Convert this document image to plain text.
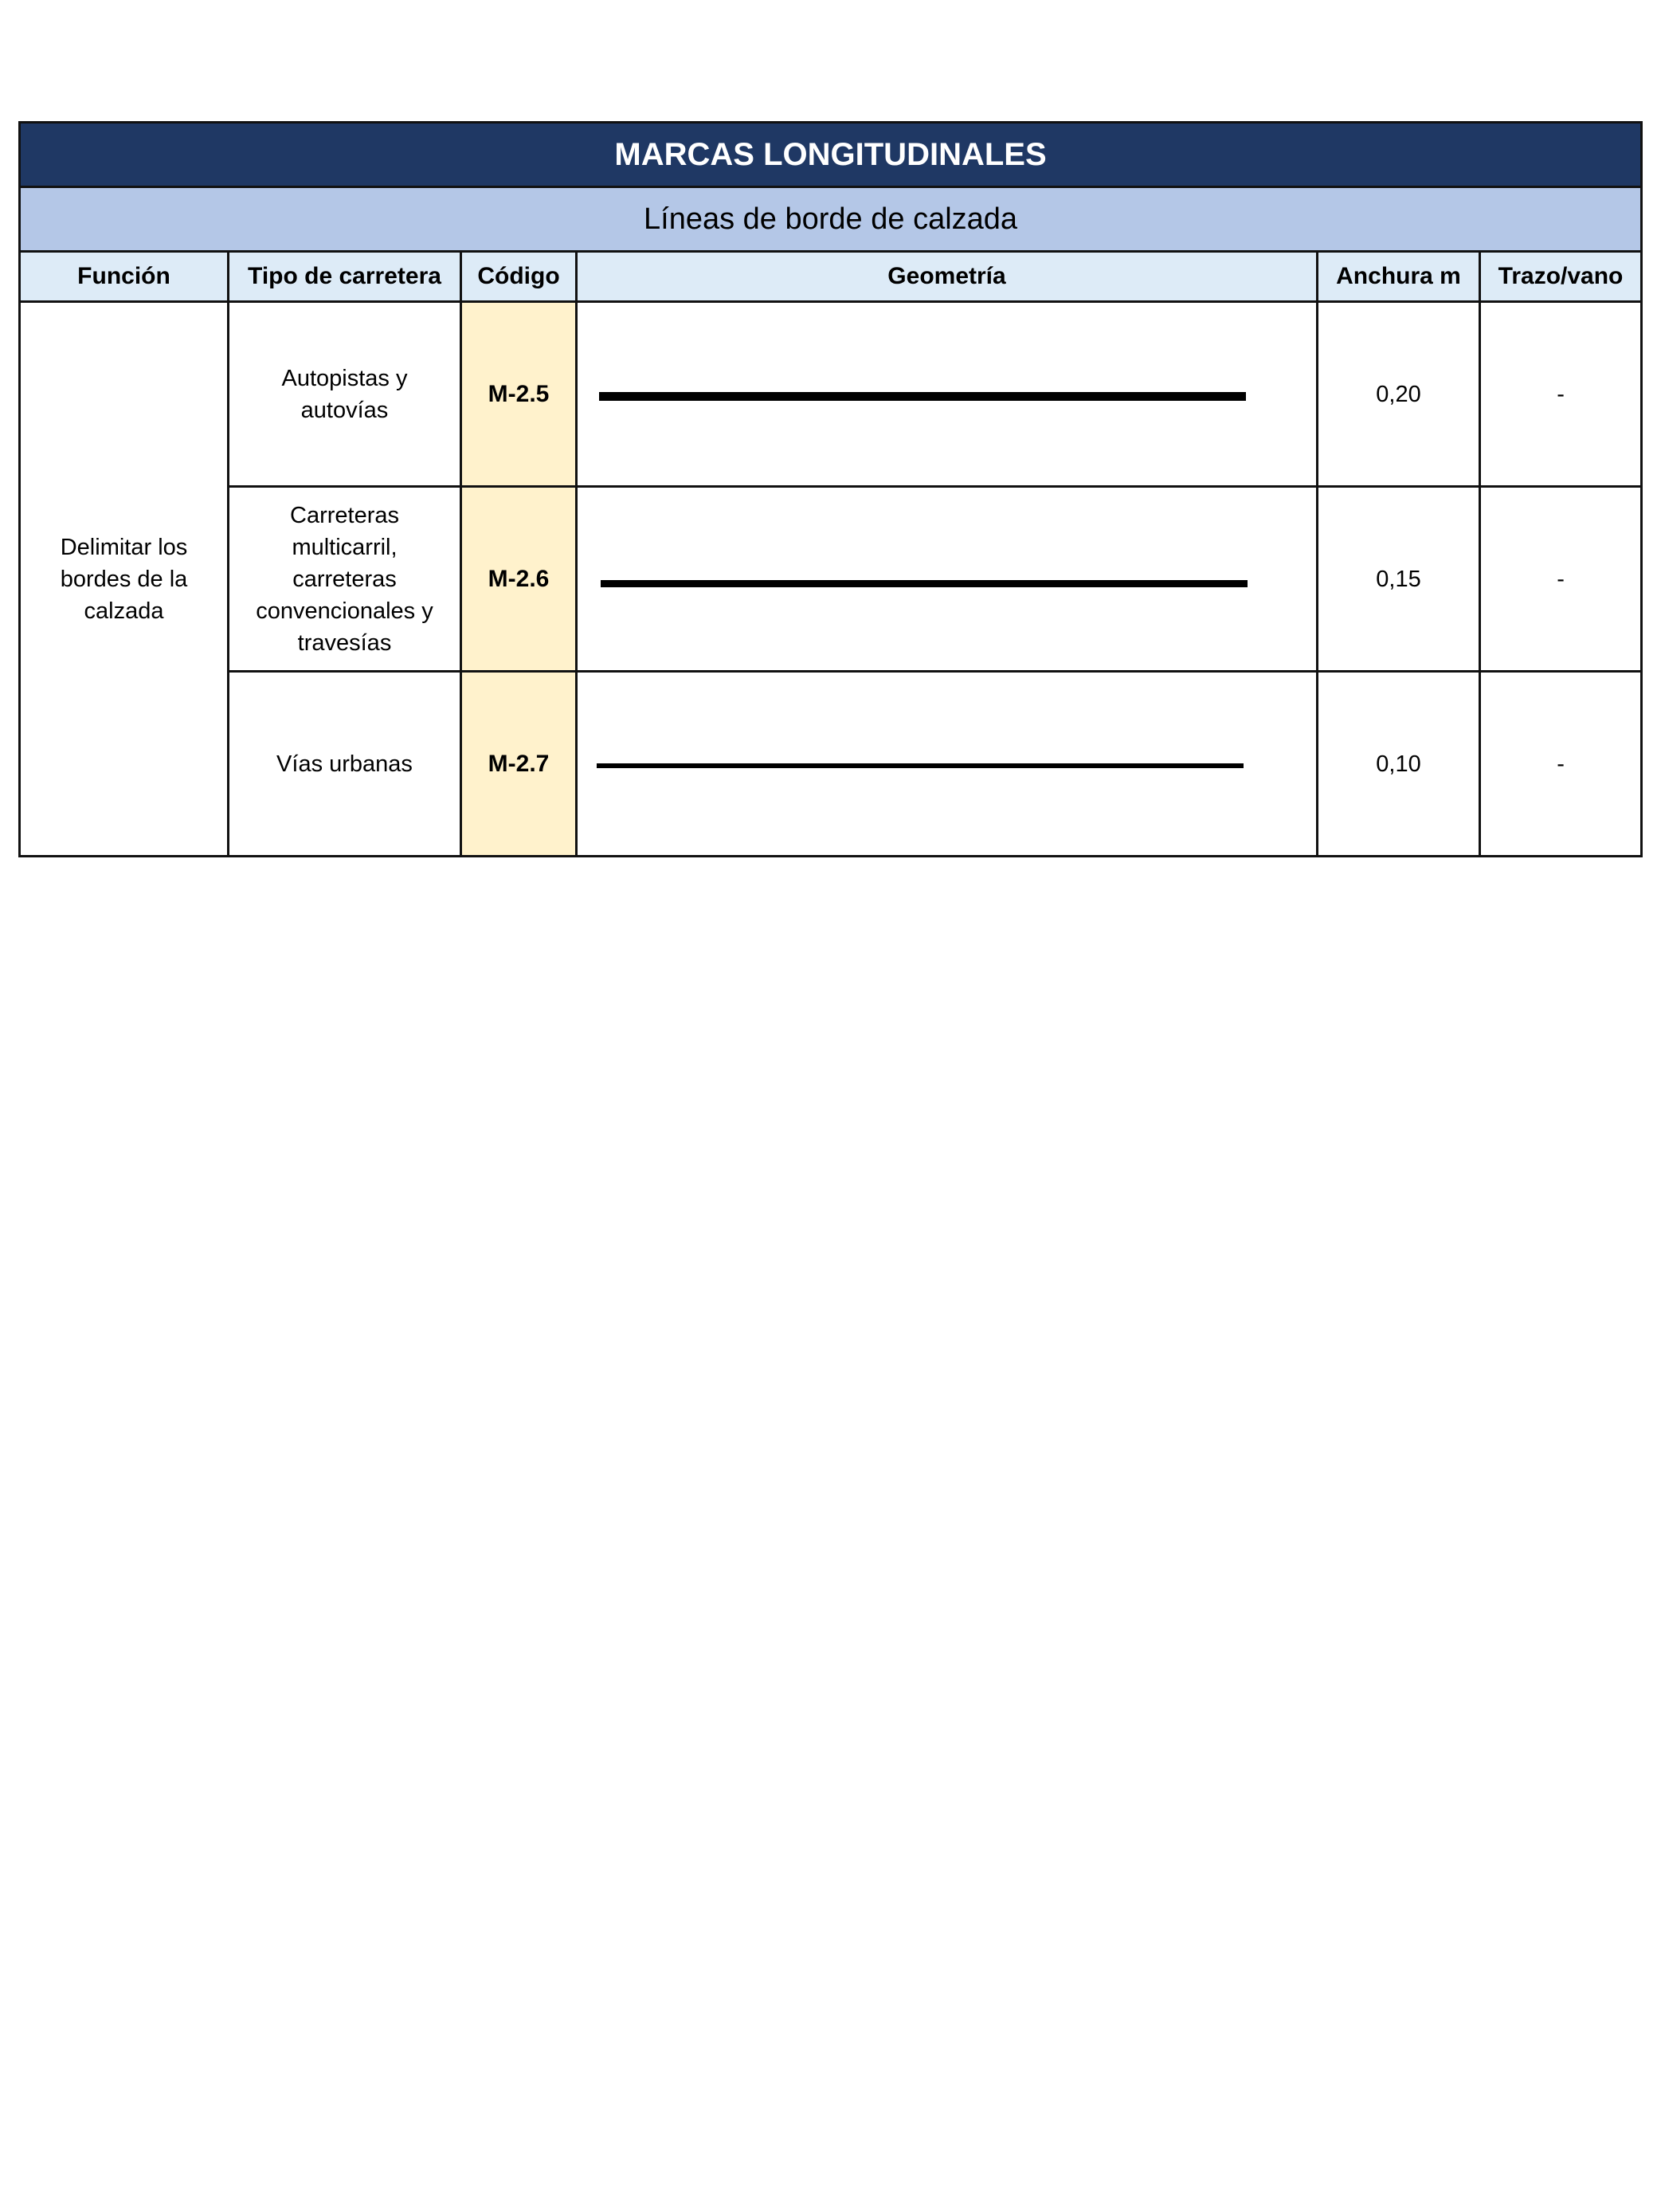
MARCAS LONGITUDINALES					
Líneas de borde de calzada					
Función	Tipo de carretera	Código	Geometría	Anchura m	Trazo/vano

Delimitar los bordes de la calzada	Autopistas y autovías	M-2.5		0,20	-

	Carreteras multicarril, carreteras convencionales y travesías	M-2.6		0,15	-

	Vías urbanas	M-2.7		0,10	-
